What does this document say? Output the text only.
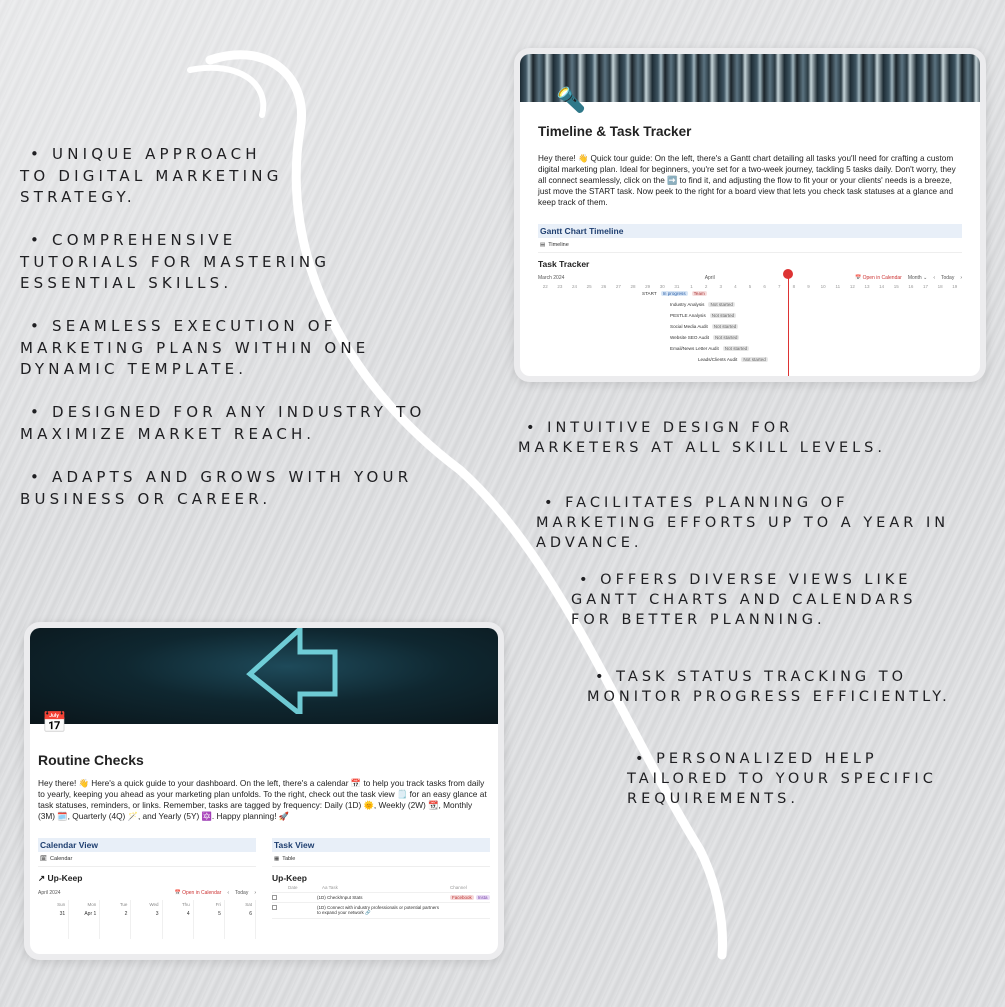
• UNIQUE APPROACH
TO DIGITAL MARKETING
STRATEGY.
• COMPREHENSIVE
TUTORIALS FOR MASTERING
ESSENTIAL SKILLS.
• SEAMLESS EXECUTION OF
MARKETING PLANS WITHIN ONE
DYNAMIC TEMPLATE.
• DESIGNED FOR ANY INDUSTRY TO
MAXIMIZE MARKET REACH.
• ADAPTS AND GROWS WITH YOUR
BUSINESS OR CAREER.
• INTUITIVE DESIGN FOR
MARKETERS AT ALL SKILL LEVELS.
• FACILITATES PLANNING OF
MARKETING EFFORTS UP TO A YEAR IN
ADVANCE.
• OFFERS DIVERSE VIEWS LIKE
GANTT CHARTS AND CALENDARS
FOR BETTER PLANNING.
• TASK STATUS TRACKING TO
MONITOR PROGRESS EFFICIENTLY.
• PERSONALIZED HELP
TAILORED TO YOUR SPECIFIC
REQUIREMENTS.
🔦
Timeline & Task Tracker

Hey there! 👋 Quick tour guide: On the left, there's a Gantt chart detailing all tasks you'll need for crafting a custom digital marketing plan. Ideal for beginners, you're set for a two-week journey, tackling 5 tasks daily. Don't worry, they all connect seamlessly, click on the ➡️ to find it, and adjusting the flow to fit your or your clients' needs is a breeze, just move the START task. Now peek to the right for a board view that lets you check task statuses at a glance and keep track of them.

Gantt Chart Timeline
▤ Timeline
Task Tracker
March 2024	April	📅 Open in Calendar Month ⌄ ‹ Today ›
22	23	24	25	26	27	28	29	30	31	1	2	3	4	5	6	7	8	9	10	11	12	13	14	15	16	17	18	19
START	In progress	Team
Industry Analysis	Not started
PESTLE Analysis	Not started
Social Media Audit	Not started
Website SEO Audit	Not started
Email/News Letter Audit	Not started
Leads/Clients Audit	Not started
📅
Routine Checks

Hey there! 👋 Here's a quick guide to your dashboard. On the left, there's a calendar 📅 to help you track tasks from daily to yearly, keeping you ahead as your marketing plan unfolds. To the right, check out the task view 🗒️ for an easy glance at task statuses, reminders, or links. Remember, tasks are tagged by frequency: Daily (1D) 🌞, Weekly (2W) 📆, Monthly (3M) 🗓️, Quarterly (4Q) 🪄, and Yearly (5Y) 🔯. Happy planning! 🚀

Calendar View
🗓 Calendar
↗ Up-Keep
April 2024	📅 Open in Calendar ‹ Today ›
Sun	Mon	Tue	Wed	Thu	Fri	Sat
31	Apr 1	2	3	4	5	6
Task View
▦ Table
Up-Keep
Date	Aa Task	Channel
(1D) Check/Input Stats	Facebook	Insta
(1D) Connect with industry professionals or potential partners to expand your network 🔗
